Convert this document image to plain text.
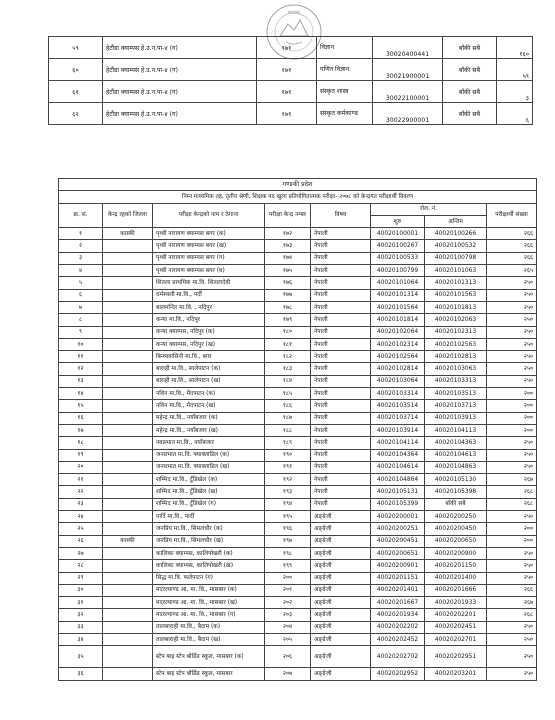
मध्यमा
५९	हेटौंडा क्याम्पस हे.उ.न.पा-४ (ग)	१७१	विज्ञान	30020400441	बाँकी सबै	१६०
६०	हेटौंडा क्याम्पस हे.उ.न.पा-४ (ग)	१७१	गणित विज्ञान	30021900001	बाँकी सबै	५९
६१	हेटौंडा क्याम्पस हे.उ.न.पा-४ (ग)	१७१	संस्कृत शास्त्र	30022100001	बाँकी सबै	३
६२	हेटौंडा क्याम्पस हे.उ.न.पा-४ (ग)	१७१	संस्कृत कर्मकाण्ड	30022900001	बाँकी सबै	६
गण्डकी प्रदेश							
निम्न माध्यमिक तह, तृतीय श्रेणी, शिक्षक पद खुला प्रतियोगितात्मक परीक्षा- २०७८ को केन्द्रगत परीक्षार्थी विवरण							
क्र. सं.	केन्द्र रहको जिल्ला	परीक्षा केन्द्रको नाम र ठेगाना	परीक्षा केन्द्र नम्बर	विषय	रोल. नं.		परीक्षार्थी संख्या
					शुरु	अन्तिम	
१	कास्की	पृथ्वी नारायण क्याम्पस बगर (क)	१७२	नेपाली	40020100001	40020100266	२६६
२		पृथ्वी नारायण क्याम्पस बगर (ख)	१७३	नेपाली	40020100267	40020100532	२६६
३		पृथ्वी नारायण क्याम्पस बगर (ग)	१७४	नेपाली	40020100533	40020100798	२६६
४		पृथ्वी नारायण क्याम्पस बगर (घ)	१७५	नेपाली	40020100799	40020101063	२६५
५		शितला प्राथमिक मा.वि. शितलादेवी	१७६	नेपाली	40020101064	40020101313	२५०
६		धर्मस्थली मा.वि., पर्दी	१७७	नेपाली	40020101314	40020101563	२५०
७		बालमन्दिर मा.वि. , नदिपुर	१७८	नेपाली	40020101564	40020101813	२५०
८		कन्या मा.वि., नदिपुर	१७९	नेपाली	40020101814	40020102063	२५०
९		कन्या क्याम्पस, नदिपुर (क)	१८०	नेपाली	40020102064	40020102313	२५०
१०		कन्या क्याम्पस, नदिपुर (ख)	१८१	नेपाली	40020102314	40020102563	२५०
११		बिन्ध्यवासिनी मा.वि., बगर	१८२	नेपाली	40020102564	40020102813	२५०
१२		बाराही मा.वि., सालेपाटन (क)	१८३	नेपाली	40020102814	40020103063	२५०
१३		बाराही मा.वि., सालेपाटन (ख)	१८४	नेपाली	40020103064	40020103313	२५०
१४		नविन मा.वि., मैदपाटन (क)	१८५	नेपाली	40020103314	40020103513	२००
१५		नविन मा.वि., मैदपाटन (ख)	१८६	नेपाली	40020103514	40020103713	२००
१६		महेन्द्र मा.वि., नयाँबजार (क)	१८७	नेपाली	40020103714	40020103913	२००
१७		महेन्द्र मा.वि., नयाँबजार (ख)	१८८	नेपाली	40020103914	40020104113	२००
१८		नवप्रभात मा.वि., नयाँबजार	१८९	नेपाली	40020104114	40020104363	२५०
१९		जनप्रभात मा.वि. फ्याक्ताडिल (क)	१९०	नेपाली	40020104364	40020104613	२५०
२०		जनप्रभात मा.वि. फ्याक्ताडिल (ख)	१९१	नेपाली	40020104614	40020104863	२५०
२१		शम्भिद मा.वि., टुँडिखेल (क)	१९२	नेपाली	40020104864	40020105130	२६७
२२		शम्भिद मा.वि., टुँडिखेल (ख)	१९३	नेपाली	40020105131	40020105398	२६८
२३		शम्भिद मा.वि., टुँडिखेल (ग)	१९४	नेपाली	40020105399	बाँकी सबै	२६८
२४		पार्दि मा.वि., पार्दी	१९५	अङ्ग्रेजी	40020200001	40020200250	२५०
२५		जनप्रिय मा.वि., सिमलचौर (क)	१९६	अङ्ग्रेजी	40020200251	40020200450	२००
२६	कास्की	जनप्रिय मा.वि., सिमलचौर (ख)	१९७	अङ्ग्रेजी	40020200451	40020200650	२००
२७		कालिका क्याम्पस, कालिपोखरी (क)	१९८	अङ्ग्रेजी	40020200651	40020200900	२५०
२८		कालिका क्याम्पस, कालिपोखरी (ख)	१९९	अङ्ग्रेजी	40020200901	40020201150	२५०
२९		सिद्ध मा.वि. फलेपाटन (ग)	२००	अङ्ग्रेजी	40020201151	40020201400	२५०
३०		मदरल्याण्ड आ. मा. वि., मासबार (क)	२०१	अङ्ग्रेजी	40020201401	40020201666	२६६
३१		मदरल्याण्ड आ. मा. वि., मासबार (ख)	२०२	अङ्ग्रेजी	40020201667	40020201933	२६७
३२		मदरल्याण्ड आ. मा. वि., मासबार (ग)	२०३	अङ्ग्रेजी	40020201934	40020202201	२६८
३३		तालबाराही मा.वि., बैदाम (क)	२०४	अङ्ग्रेजी	40020202202	40020202451	२५०
३४		तालबाराही मा.वि., बैदाम (ख)	२०५	अङ्ग्रेजी	40020202452	40020202701	२५०
३५		स्टेप बाइ स्टेप बोर्डिङ स्कूल, मासबार (क)	२०६	अङ्ग्रेजी	40020202702	40020202951	२५०
३६		स्टेप बाइ स्टेप बोर्डिङ स्कूल, मासबार	२०७	अङ्ग्रेजी	40020202952	40020203201	२५०
